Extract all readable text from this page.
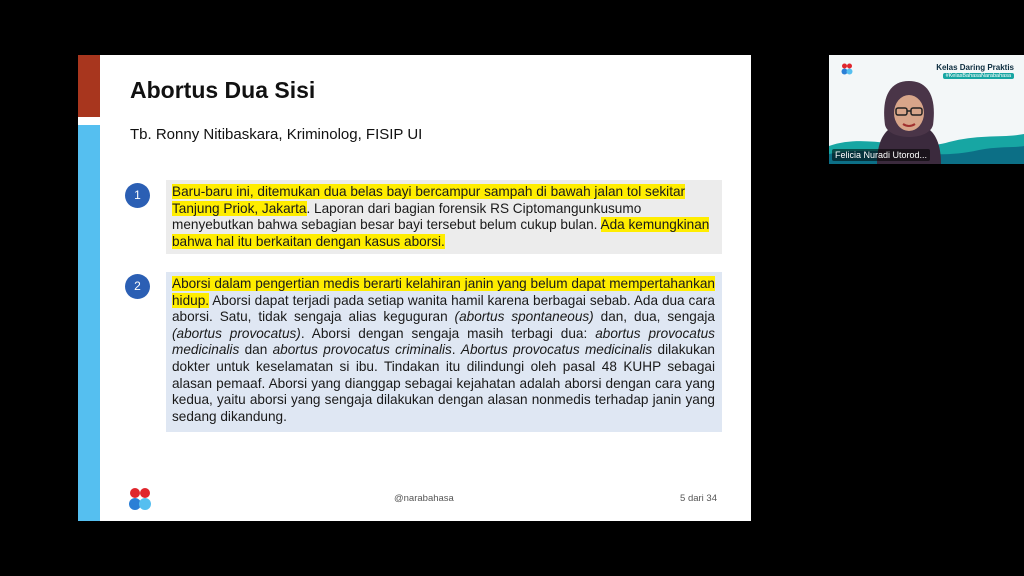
Abortus Dua Sisi
Tb. Ronny Nitibaskara, Kriminolog, FISIP UI
1	Baru-baru ini, ditemukan dua belas bayi bercampur sampah di bawah jalan tol sekitar Tanjung Priok, Jakarta. Laporan dari bagian forensik RS Ciptomangunkusumo menyebutkan bahwa sebagian besar bayi tersebut belum cukup bulan. Ada kemungkinan bahwa hal itu berkaitan dengan kasus aborsi.
2	Aborsi dalam pengertian medis berarti kelahiran janin yang belum dapat mempertahankan hidup. Aborsi dapat terjadi pada setiap wanita hamil karena berbagai sebab. Ada dua cara aborsi. Satu, tidak sengaja alias keguguran (abortus spontaneous) dan, dua, sengaja (abortus provocatus). Aborsi dengan sengaja masih terbagi dua: abortus provocatus medicinalis dan abortus provocatus criminalis. Abortus provocatus medicinalis dilakukan dokter untuk keselamatan si ibu. Tindakan itu dilindungi oleh pasal 48 KUHP sebagai alasan pemaaf. Aborsi yang dianggap sebagai kejahatan adalah aborsi dengan cara yang kedua, yaitu aborsi yang sengaja dilakukan dengan alasan nonmedis terhadap janin yang sedang dikandung.
@narabahasa	5 dari 34
Kelas Daring Praktis
#KelasBahasaNarabahasa
Felicia Nuradi Utorod...
